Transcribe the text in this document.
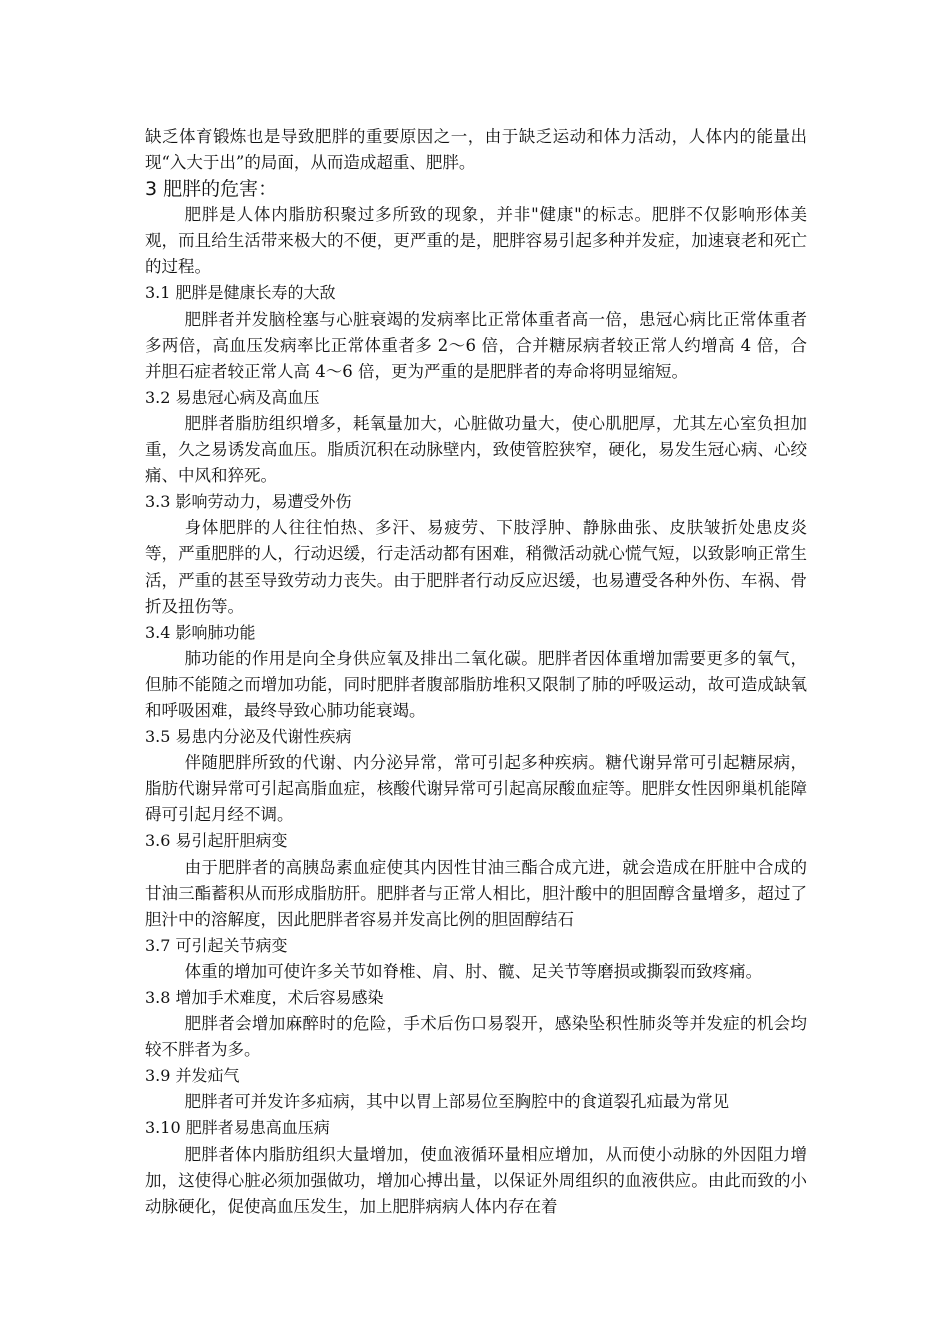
缺乏体育锻炼也是导致肥胖的重要原因之一，由于缺乏运动和体力活动，人体内的能量出现“入大于出”的局面，从而造成超重、肥胖。

3 肥胖的危害：

肥胖是人体内脂肪积聚过多所致的现象，并非"健康"的标志。肥胖不仅影响形体美观，而且给生活带来极大的不便，更严重的是，肥胖容易引起多种并发症，加速衰老和死亡的过程。

3.1 肥胖是健康长寿的大敌

肥胖者并发脑栓塞与心脏衰竭的发病率比正常体重者高一倍，患冠心病比正常体重者多两倍，高血压发病率比正常体重者多 2～6 倍，合并糖尿病者较正常人约增高 4 倍，合并胆石症者较正常人高 4～6 倍，更为严重的是肥胖者的寿命将明显缩短。

3.2 易患冠心病及高血压

肥胖者脂肪组织增多，耗氧量加大，心脏做功量大，使心肌肥厚，尤其左心室负担加重，久之易诱发高血压。脂质沉积在动脉壁内，致使管腔狭窄，硬化，易发生冠心病、心绞痛、中风和猝死。

3.3 影响劳动力，易遭受外伤

身体肥胖的人往往怕热、多汗、易疲劳、下肢浮肿、静脉曲张、皮肤皱折处患皮炎等，严重肥胖的人，行动迟缓，行走活动都有困难，稍微活动就心慌气短，以致影响正常生活，严重的甚至导致劳动力丧失。由于肥胖者行动反应迟缓，也易遭受各种外伤、车祸、骨折及扭伤等。

3.4 影响肺功能

肺功能的作用是向全身供应氧及排出二氧化碳。肥胖者因体重增加需要更多的氧气，但肺不能随之而增加功能，同时肥胖者腹部脂肪堆积又限制了肺的呼吸运动，故可造成缺氧和呼吸困难，最终导致心肺功能衰竭。

3.5 易患内分泌及代谢性疾病

伴随肥胖所致的代谢、内分泌异常，常可引起多种疾病。糖代谢异常可引起糖尿病，脂肪代谢异常可引起高脂血症，核酸代谢异常可引起高尿酸血症等。肥胖女性因卵巢机能障碍可引起月经不调。

3.6 易引起肝胆病变

由于肥胖者的高胰岛素血症使其内因性甘油三酯合成亢进，就会造成在肝脏中合成的甘油三酯蓄积从而形成脂肪肝。肥胖者与正常人相比，胆汁酸中的胆固醇含量增多，超过了胆汁中的溶解度，因此肥胖者容易并发高比例的胆固醇结石

3.7 可引起关节病变

体重的增加可使许多关节如脊椎、肩、肘、髋、足关节等磨损或撕裂而致疼痛。

3.8 增加手术难度，术后容易感染

肥胖者会增加麻醉时的危险，手术后伤口易裂开，感染坠积性肺炎等并发症的机会均较不胖者为多。

3.9 并发疝气

肥胖者可并发许多疝病，其中以胃上部易位至胸腔中的食道裂孔疝最为常见

3.10 肥胖者易患高血压病

肥胖者体内脂肪组织大量增加，使血液循环量相应增加，从而使小动脉的外因阻力增加，这使得心脏必须加强做功，增加心搏出量，以保证外周组织的血液供应。由此而致的小动脉硬化，促使高血压发生，加上肥胖病病人体内存在着
